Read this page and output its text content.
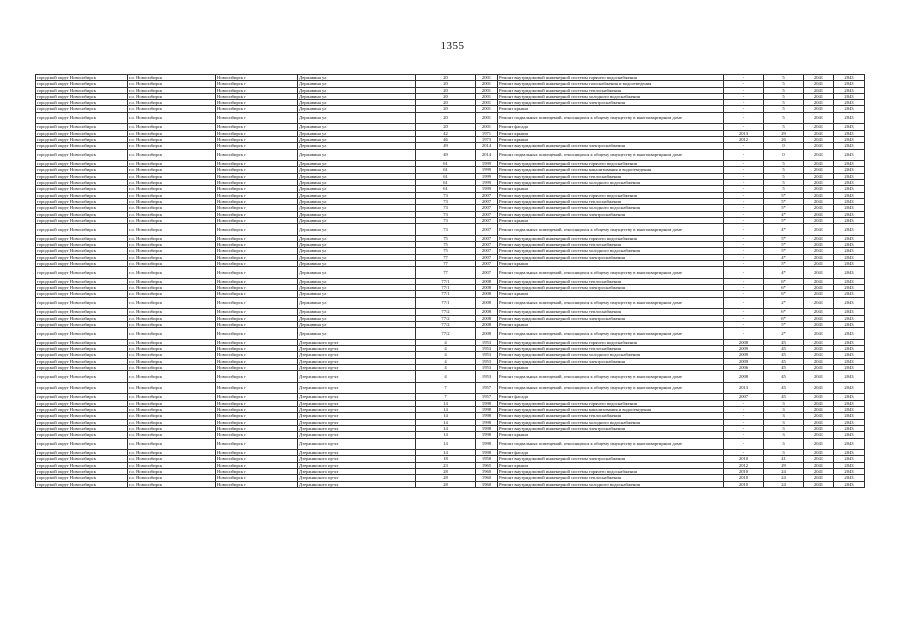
1355
городской округ Новосибирск	г.о. Новосибирск	Новосибирск г	Державина ул	20	2001	Ремонт внутридомовой инженерной системы горячего водоснабжения	-	5	2041	2043
городской округ Новосибирск	г.о. Новосибирск	Новосибирск г	Державина ул	20	2001	Ремонт внутридомовой инженерной системы газоснабжения и водоотведения	-	5	2041	2043
городской округ Новосибирск	г.о. Новосибирск	Новосибирск г	Державина ул	20	2001	Ремонт внутридомовой инженерной системы теплоснабжения	-	5	2041	2043
городской округ Новосибирск	г.о. Новосибирск	Новосибирск г	Державина ул	20	2001	Ремонт внутридомовой инженерной системы холодного водоснабжения	-	5	2041	2043
городской округ Новосибирск	г.о. Новосибирск	Новосибирск г	Державина ул	20	2001	Ремонт внутридомовой инженерной системы электроснабжения	-	5	2041	2043
городской округ Новосибирск	г.о. Новосибирск	Новосибирск г	Державина ул	20	2001	Ремонт крыши	-	5	2041	2043
городской округ Новосибирск	г.о. Новосибирск	Новосибирск г	Державина ул	20	2001	Ремонт подвальных помещений, относящихся к общему имуществу в многоквартирном доме	-	5	2041	2043
городской округ Новосибирск	г.о. Новосибирск	Новосибирск г	Державина ул	20	2001	Ремонт фасада	-	5	2041	2043
городской округ Новосибирск	г.о. Новосибирск	Новосибирск г	Державина ул	42	1971	Ремонт крыши	2013	29	2041	2043
городской округ Новосибирск	г.о. Новосибирск	Новосибирск г	Державина ул	46	1973	Ремонт крыши	2012	26	2041	2043
городской округ Новосибирск	г.о. Новосибирск	Новосибирск г	Державина ул	49	2014	Ремонт внутридомовой инженерной системы электроснабжения	-	0	2041	2043
городской округ Новосибирск	г.о. Новосибирск	Новосибирск г	Державина ул	49	2014	Ремонт подвальных помещений, относящихся к общему имуществу в многоквартирном доме	-	0	2041	2043
городской округ Новосибирск	г.о. Новосибирск	Новосибирск г	Державина ул	61	1999	Ремонт внутридомовой инженерной системы горячего водоснабжения	-	5	2041	2043
городской округ Новосибирск	г.о. Новосибирск	Новосибирск г	Державина ул	61	1999	Ремонт внутридомовой инженерной системы канализования и водоотведения	-	5	2041	2043
городской округ Новосибирск	г.о. Новосибирск	Новосибирск г	Державина ул	61	1999	Ремонт внутридомовой инженерной системы теплоснабжения	-	5	2041	2043
городской округ Новосибирск	г.о. Новосибирск	Новосибирск г	Державина ул	61	1999	Ремонт внутридомовой инженерной системы холодного водоснабжения	-	5	2041	2043
городской округ Новосибирск	г.о. Новосибирск	Новосибирск г	Державина ул	61	1999	Ремонт крыши	-	5	2041	2043
городской округ Новосибирск	г.о. Новосибирск	Новосибирск г	Державина ул	73	2007	Ремонт внутридомовой инженерной системы горячего водоснабжения	-	5*	2041	2043
городской округ Новосибирск	г.о. Новосибирск	Новосибирск г	Державина ул	73	2007	Ремонт внутридомовой инженерной системы теплоснабжения	-	5*	2041	2043
городской округ Новосибирск	г.о. Новосибирск	Новосибирск г	Державина ул	73	2007	Ремонт внутридомовой инженерной системы холодного водоснабжения	-	5*	2041	2043
городской округ Новосибирск	г.о. Новосибирск	Новосибирск г	Державина ул	73	2007	Ремонт внутридомовой инженерной системы электроснабжения	-	4*	2041	2043
городской округ Новосибирск	г.о. Новосибирск	Новосибирск г	Державина ул	73	2007	Ремонт крыши	-	5*	2041	2043
городской округ Новосибирск	г.о. Новосибирск	Новосибирск г	Державина ул	73	2007	Ремонт подвальных помещений, относящихся к общему имуществу в многоквартирном доме	-	4*	2041	2043
городской округ Новосибирск	г.о. Новосибирск	Новосибирск г	Державина ул	75	2007	Ремонт внутридомовой инженерной системы горячего водоснабжения	-	5*	2041	2043
городской округ Новосибирск	г.о. Новосибирск	Новосибирск г	Державина ул	75	2007	Ремонт внутридомовой инженерной системы теплоснабжения	-	5*	2041	2043
городской округ Новосибирск	г.о. Новосибирск	Новосибирск г	Державина ул	75	2007	Ремонт внутридомовой инженерной системы холодного водоснабжения	-	5*	2041	2043
городской округ Новосибирск	г.о. Новосибирск	Новосибирск г	Державина ул	77	2007	Ремонт внутридомовой инженерной системы электроснабжения	-	4*	2041	2043
городской округ Новосибирск	г.о. Новосибирск	Новосибирск г	Державина ул	77	2007	Ремонт крыши	-	5*	2041	2043
городской округ Новосибирск	г.о. Новосибирск	Новосибирск г	Державина ул	77	2007	Ремонт подвальных помещений, относящихся к общему имуществу в многоквартирном доме	-	4*	2041	2043
городской округ Новосибирск	г.о. Новосибирск	Новосибирск г	Державина ул	77/1	2008	Ремонт внутридомовой инженерной системы теплоснабжения	-	6*	2041	2043
городской округ Новосибирск	г.о. Новосибирск	Новосибирск г	Державина ул	77/1	2008	Ремонт внутридомовой инженерной системы электроснабжения	-	6*	2041	2043
городской округ Новосибирск	г.о. Новосибирск	Новосибирск г	Державина ул	77/1	2008	Ремонт крыши	-	6*	2041	2043
городской округ Новосибирск	г.о. Новосибирск	Новосибирск г	Державина ул	77/1	2008	Ремонт подвальных помещений, относящихся к общему имуществу в многоквартирном доме	-	2*	2041	2043
городской округ Новосибирск	г.о. Новосибирск	Новосибирск г	Державина ул	77/2	2008	Ремонт внутридомовой инженерной системы теплоснабжения	-	6*	2041	2043
городской округ Новосибирск	г.о. Новосибирск	Новосибирск г	Державина ул	77/2	2008	Ремонт внутридомовой инженерной системы электроснабжения	-	6*	2041	2043
городской округ Новосибирск	г.о. Новосибирск	Новосибирск г	Державина ул	77/2	2008	Ремонт крыши	-	5*	2041	2043
городской округ Новосибирск	г.о. Новосибирск	Новосибирск г	Державина ул	77/2	2008	Ремонт подвальных помещений, относящихся к общему имуществу в многоквартирном доме	-	2*	2041	2043
городской округ Новосибирск	г.о. Новосибирск	Новосибирск г	Дзержинского пр-кт	4	1953	Ремонт внутридомовой инженерной системы горячего водоснабжения	2008	45	2041	2043
городской округ Новосибирск	г.о. Новосибирск	Новосибирск г	Дзержинского пр-кт	4	1953	Ремонт внутридомовой инженерной системы теплоснабжения	2009	45	2041	2043
городской округ Новосибирск	г.о. Новосибирск	Новосибирск г	Дзержинского пр-кт	4	1953	Ремонт внутридомовой инженерной системы холодного водоснабжения	2009	45	2041	2043
городской округ Новосибирск	г.о. Новосибирск	Новосибирск г	Дзержинского пр-кт	4	1953	Ремонт внутридомовой инженерной системы электроснабжения	2009	45	2041	2043
городской округ Новосибирск	г.о. Новосибирск	Новосибирск г	Дзержинского пр-кт	4	1953	Ремонт крыши	2006	45	2041	2043
городской округ Новосибирск	г.о. Новосибирск	Новосибирск г	Дзержинского пр-кт	4	1953	Ремонт подвальных помещений, относящихся к общему имуществу в многоквартирном доме	2008	45	2041	2043
городской округ Новосибирск	г.о. Новосибирск	Новосибирск г	Дзержинского пр-кт	7	1957	Ремонт подвальных помещений, относящихся к общему имуществу в многоквартирном доме	2013	45	2041	2043
городской округ Новосибирск	г.о. Новосибирск	Новосибирск г	Дзержинского пр-кт	7	1957	Ремонт фасада	2007	45	2041	2043
городской округ Новосибирск	г.о. Новосибирск	Новосибирск г	Дзержинского пр-кт	14	1998	Ремонт внутридомовой инженерной системы горячего водоснабжения	-	3	2041	2043
городской округ Новосибирск	г.о. Новосибирск	Новосибирск г	Дзержинского пр-кт	14	1998	Ремонт внутридомовой инженерной системы канализования и водоотведения	-	3	2041	2043
городской округ Новосибирск	г.о. Новосибирск	Новосибирск г	Дзержинского пр-кт	14	1998	Ремонт внутридомовой инженерной системы теплоснабжения	-	3	2041	2043
городской округ Новосибирск	г.о. Новосибирск	Новосибирск г	Дзержинского пр-кт	14	1998	Ремонт внутридомовой инженерной системы холодного водоснабжения	-	3	2041	2043
городской округ Новосибирск	г.о. Новосибирск	Новосибирск г	Дзержинского пр-кт	14	1998	Ремонт внутридомовой инженерной системы электроснабжения	-	3	2041	2043
городской округ Новосибирск	г.о. Новосибирск	Новосибирск г	Дзержинского пр-кт	14	1998	Ремонт крыши	-	3	2041	2043
городской округ Новосибирск	г.о. Новосибирск	Новосибирск г	Дзержинского пр-кт	14	1998	Ремонт подвальных помещений, относящихся к общему имуществу в многоквартирном доме	-	3	2041	2043
городской округ Новосибирск	г.о. Новосибирск	Новосибирск г	Дзержинского пр-кт	14	1998	Ремонт фасада	-	3	2041	2043
городской округ Новосибирск	г.о. Новосибирск	Новосибирск г	Дзержинского пр-кт	18	1958	Ремонт внутридомовой инженерной системы электроснабжения	2010	41	2041	2043
городской округ Новосибирск	г.о. Новосибирск	Новосибирск г	Дзержинского пр-кт	23	1965	Ремонт крыши	2012	29	2041	2043
городской округ Новосибирск	г.о. Новосибирск	Новосибирск г	Дзержинского пр-кт	28	1960	Ремонт внутридомовой инженерной системы горячего водоснабжения	2010	24	2041	2043
городской округ Новосибирск	г.о. Новосибирск	Новосибирск г	Дзержинского пр-кт	28	1960	Ремонт внутридомовой инженерной системы теплоснабжения	2010	24	2041	2043
городской округ Новосибирск	г.о. Новосибирск	Новосибирск г	Дзержинского пр-кт	28	1960	Ремонт внутридомовой инженерной системы холодного водоснабжения	2010	24	2041	2043
